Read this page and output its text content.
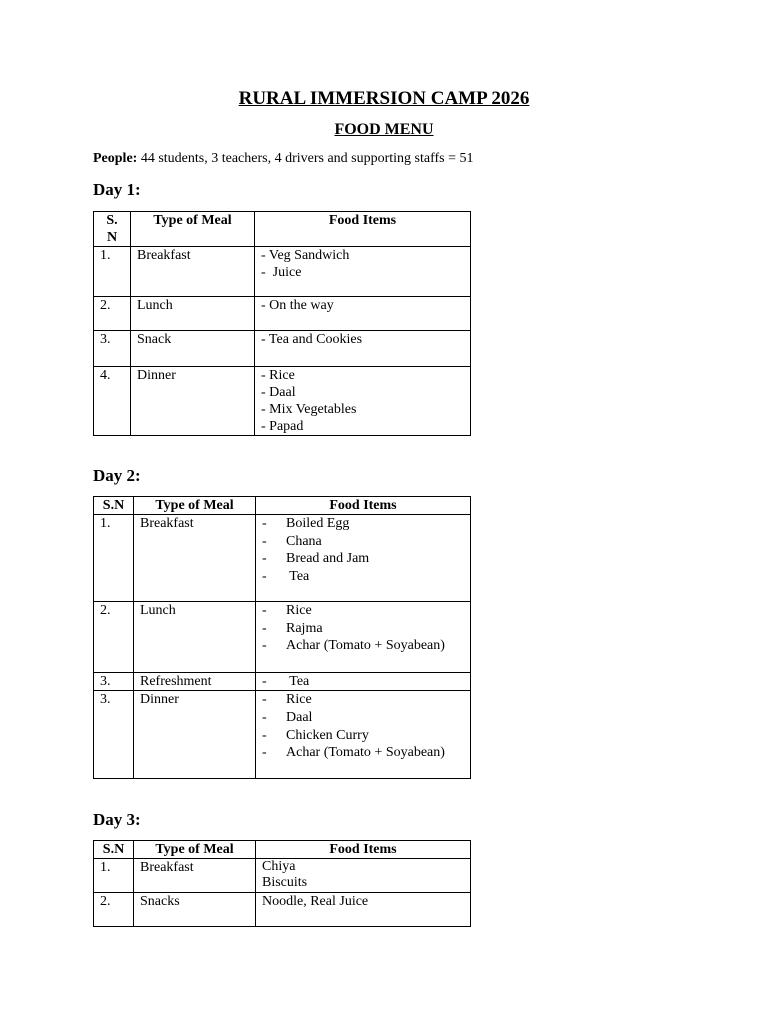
RURAL IMMERSION CAMP 2026
FOOD MENU
People: 44 students, 3 teachers, 4 drivers and supporting staffs = 51
Day 1:
S.
N	Type of Meal	Food Items
1.	Breakfast	- Veg Sandwich
-  Juice

2.	Lunch	- On the way

3.	Snack	- Tea and Cookies

4.	Dinner	- Rice
- Daal
- Mix Vegetables
- Papad
Day 2:
S.N	Type of Meal	Food Items
1.	Breakfast	- Boiled Egg
- Chana
- Bread and Jam
- Tea

2.	Lunch	- Rice
- Rajma
- Achar (Tomato + Soyabean)

3.	Refreshment	- Tea

3.	Dinner	- Rice
- Daal
- Chicken Curry
- Achar (Tomato + Soyabean)
Day 3:
S.N	Type of Meal	Food Items
1.	Breakfast	Chiya
Biscuits

2.	Snacks	Noodle, Real Juice
